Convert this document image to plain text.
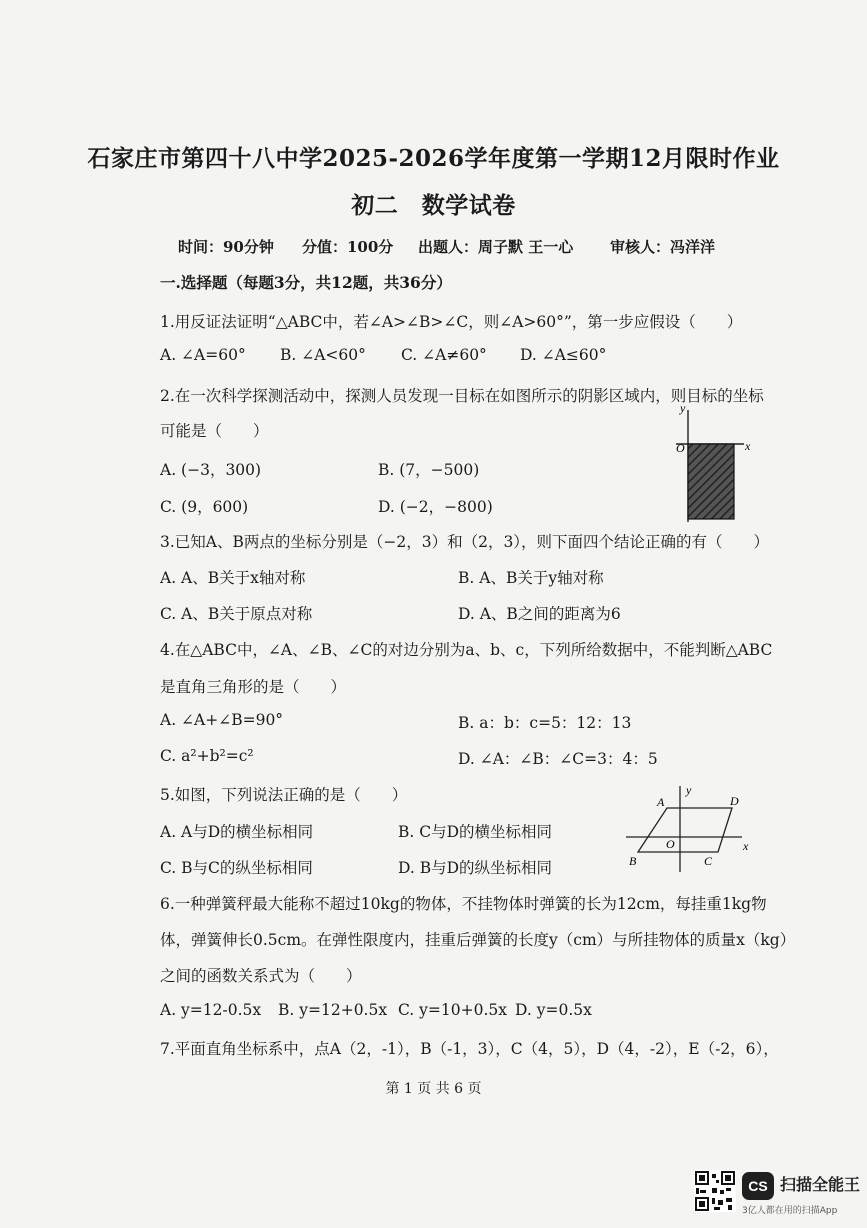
石家庄市第四十八中学2025-2026学年度第一学期12月限时作业
初二　数学试卷
时间：90分钟 分值：100分 出题人：周子默 王一心 审核人：冯洋洋
一.选择题（每题3分，共12题，共36分）
1.用反证法证明“△ABC中，若∠A>∠B>∠C，则∠A>60°”，第一步应假设（　　）
A. ∠A=60° B. ∠A<60° C. ∠A≠60° D. ∠A≤60°
2.在一次科学探测活动中，探测人员发现一目标在如图所示的阴影区域内，则目标的坐标
可能是（　　）
A. (−3，300)	B. (7，−500)
C. (9，600)	D. (−2，−800)
y
O	x
3.已知A、B两点的坐标分别是（−2，3）和（2，3），则下面四个结论正确的有（　　）
A. A、B关于x轴对称	B. A、B关于y轴对称
C. A、B关于原点对称	D. A、B之间的距离为6
4.在△ABC中，∠A、∠B、∠C的对边分别为a、b、c，下列所给数据中，不能判断△ABC
是直角三角形的是（　　）
A. ∠A+∠B=90°	B. a：b：c=5：12：13
C. a²+b²=c²	D. ∠A：∠B：∠C=3：4：5
5.如图，下列说法正确的是（　　）
A. A与D的横坐标相同	B. C与D的横坐标相同
C. B与C的纵坐标相同	D. B与D的纵坐标相同
y
x
A	D
B	C
O
6.一种弹簧秤最大能称不超过10kg的物体，不挂物体时弹簧的长为12cm，每挂重1kg物
体，弹簧伸长0.5cm。在弹性限度内，挂重后弹簧的长度y（cm）与所挂物体的质量x（kg）
之间的函数关系式为（　　）
A. y=12-0.5x B. y=12+0.5x C. y=10+0.5x D. y=0.5x
7.平面直角坐标系中，点A（2，-1），B（-1，3），C（4，5），D（4，-2），E（-2，6），
第 1 页 共 6 页
CS 扫描全能王
3亿人都在用的扫描App
